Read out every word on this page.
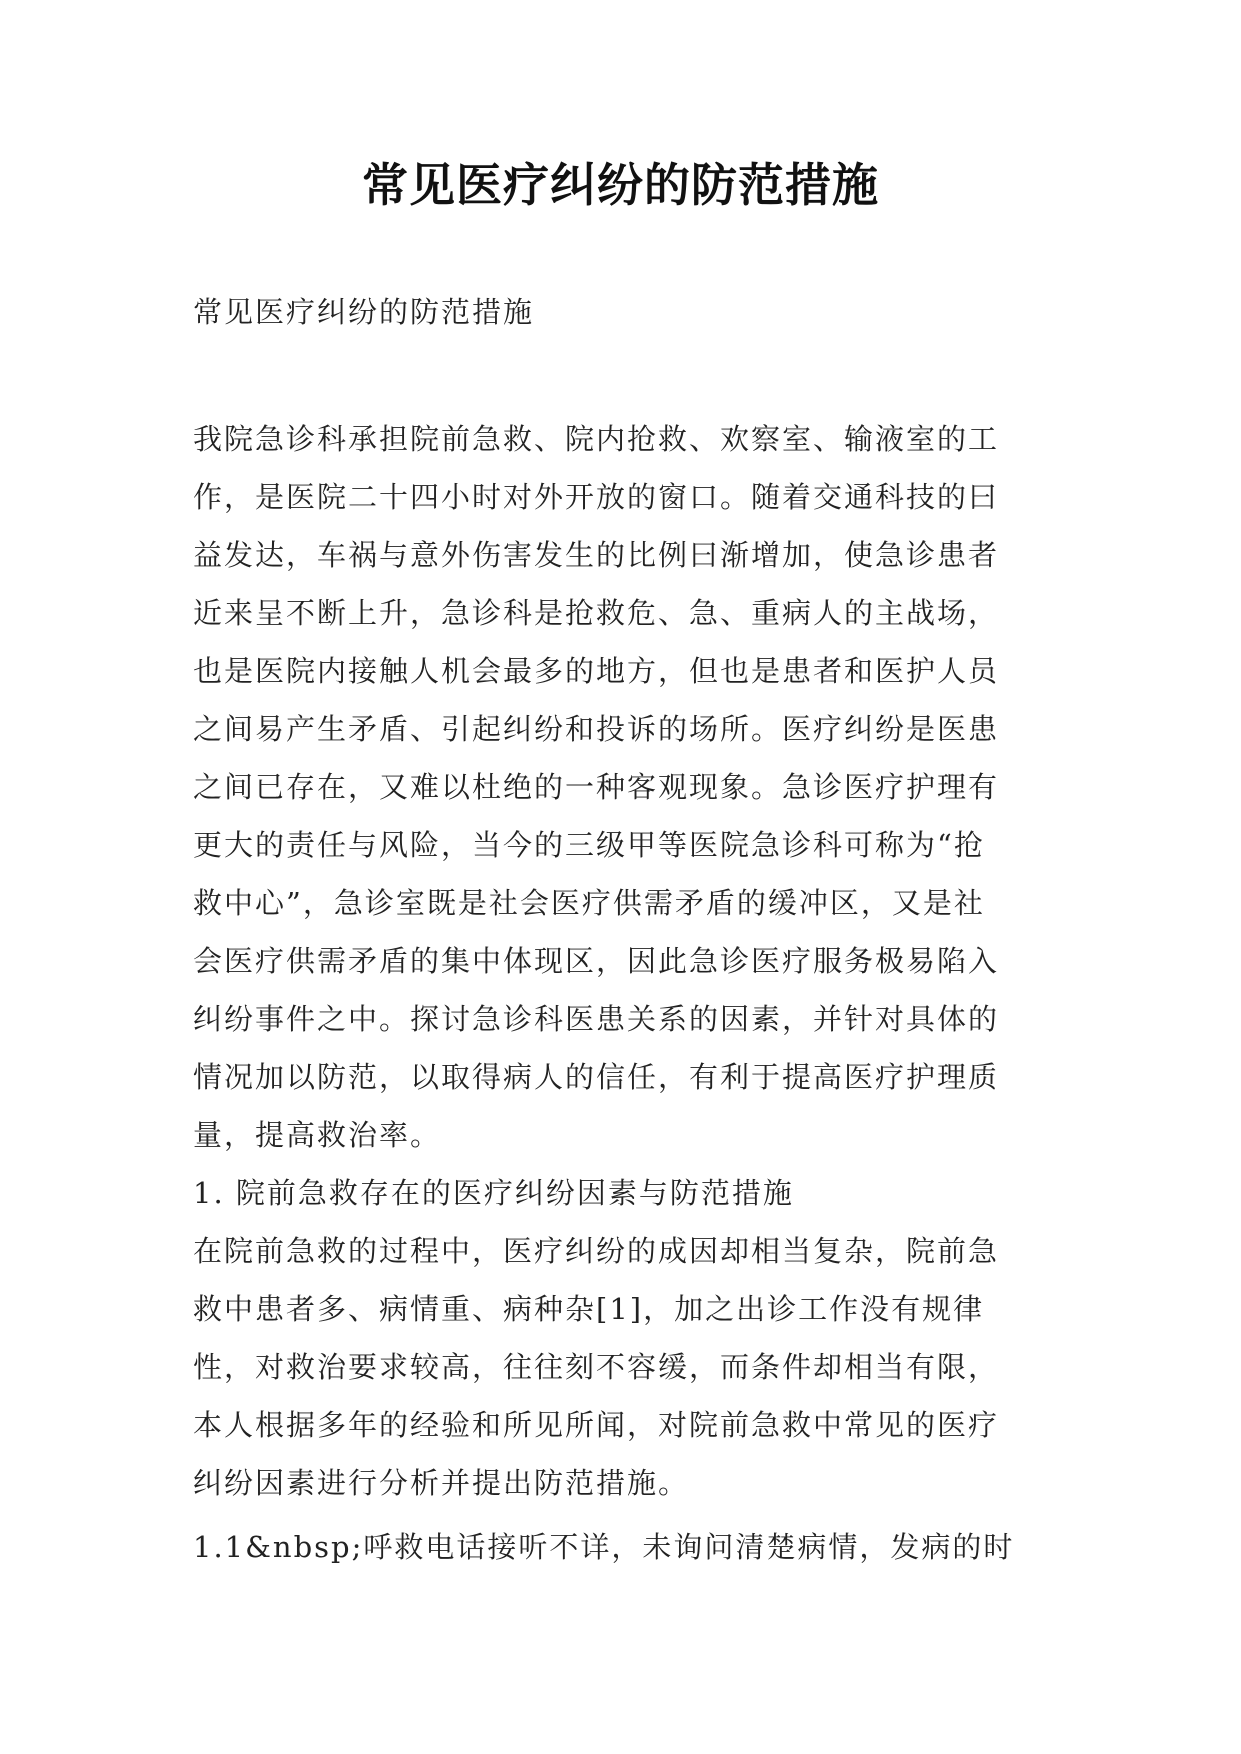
常见医疗纠纷的防范措施
常见医疗纠纷的防范措施
我院急诊科承担院前急救、院内抢救、欢察室、输液室的工
作，是医院二十四小时对外开放的窗口。随着交通科技的曰
益发达，车祸与意外伤害发生的比例曰渐增加，使急诊患者
近来呈不断上升，急诊科是抢救危、急、重病人的主战场，
也是医院内接触人机会最多的地方，但也是患者和医护人员
之间易产生矛盾、引起纠纷和投诉的场所。医疗纠纷是医患
之间已存在，又难以杜绝的一种客观现象。急诊医疗护理有
更大的责任与风险，当今的三级甲等医院急诊科可称为“抢
救中心”，急诊室既是社会医疗供需矛盾的缓冲区，又是社
会医疗供需矛盾的集中体现区，因此急诊医疗服务极易陷入
纠纷事件之中。探讨急诊科医患关系的因素，并针对具体的
情况加以防范，以取得病人的信任，有利于提高医疗护理质
量，提高救治率。
1. 院前急救存在的医疗纠纷因素与防范措施
在院前急救的过程中，医疗纠纷的成因却相当复杂，院前急
救中患者多、病情重、病种杂[1]，加之出诊工作没有规律
性，对救治要求较高，往往刻不容缓，而条件却相当有限，
本人根据多年的经验和所见所闻，对院前急救中常见的医疗
纠纷因素进行分析并提出防范措施。
1.1&nbsp;呼救电话接听不详，未询问清楚病情，发病的时
